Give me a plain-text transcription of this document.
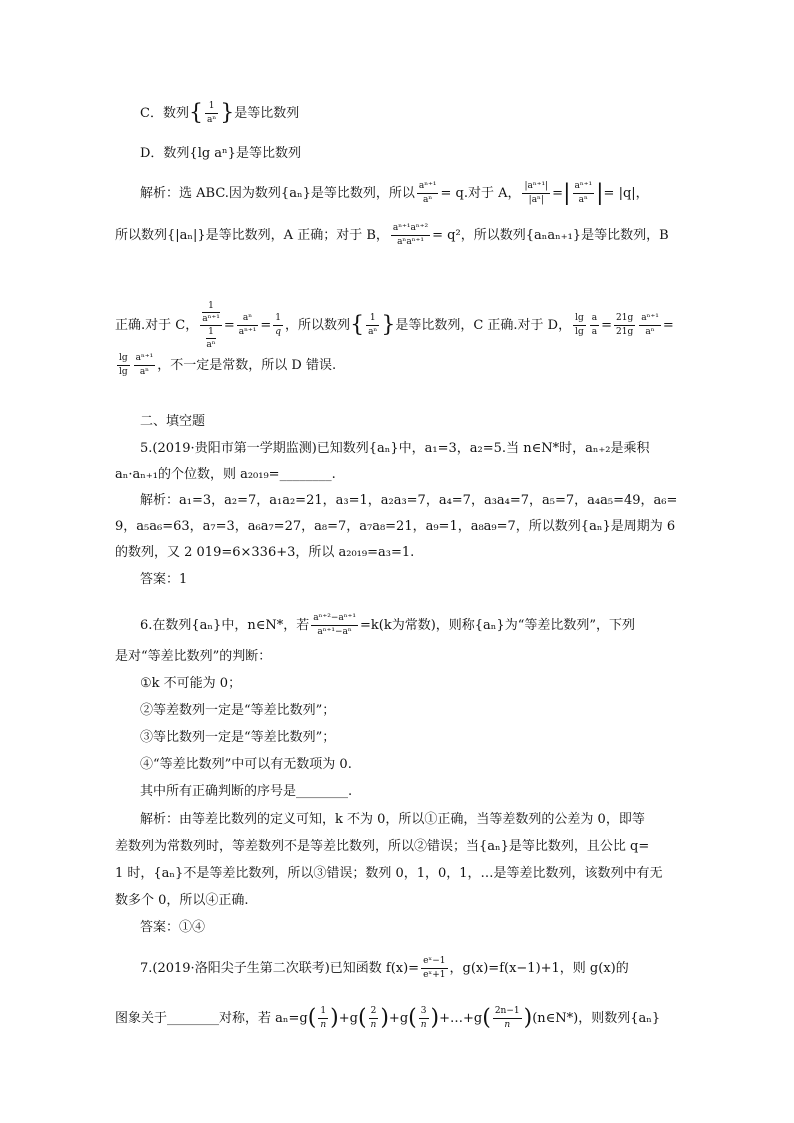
C．数列{ $\frac{1}{\text{aⁿ}}$ }是等比数列
D．数列{lg aⁿ}是等比数列
解析：选 ABC.因为数列{aₙ}是等比数列，所以 $\frac{\text{aⁿ⁺¹}}{\text{aⁿ}} = q$.对于 A， $\frac{\text{|aⁿ⁺¹|}}{\text{|aⁿ|}}$ =| $\frac{\text{aⁿ⁺¹}}{\text{aⁿ}}$ |= |q|，
所以数列{|aₙ|}是等比数列，A 正确；对于 B， $\frac{\text{aⁿ⁺¹aⁿ⁺²}}{\text{aⁿaⁿ⁺¹}} = q^2$，所以数列{aₙaₙ₊₁}是等比数列，B
正确.对于 C，
1
aⁿ⁺¹
1
aⁿ
= $\frac{\text{aⁿ}}{\text{aⁿ⁺¹}} = \frac{1}{q}$ ，所以数列{ $\frac{1}{\text{aⁿ}}$ }是等比数列，C 正确.对于 D， $\frac{\lg}{\lg} \frac{a}{a} = \frac{21g}{21g} \frac{\text{aⁿ⁺¹}}{\text{aⁿ}}$ =
$\frac{\lg}{\lg} \frac{\text{aⁿ⁺¹}}{\text{aⁿ}}$ ，不一定是常数，所以 D 错误.
二、填空题
5.(2019·贵阳市第一学期监测)已知数列{aₙ}中，a₁=3，a₂=5.当 n∈N*时，aₙ₊₂是乘积
aₙ·aₙ₊₁的个位数，则 a₂₀₁₉=________.
解析：a₁=3，a₂=7，a₁a₂=21，a₃=1，a₂a₃=7，a₄=7，a₃a₄=7，a₅=7，a₄a₅=49，a₆=
9，a₅a₆=63，a₇=3，a₆a₇=27，a₈=7，a₇a₈=21，a₉=1，a₈a₉=7，所以数列{aₙ}是周期为 6
的数列，又 2 019=6×336+3，所以 a₂₀₁₉=a₃=1.
答案：1
6.在数列{aₙ}中，n∈N*，若 $\frac{\text{aⁿ⁺²−aⁿ⁺¹}}{\text{aⁿ⁺¹−aⁿ}} =k(k$为常数)，则称{aₙ}为“等差比数列”，下列
是对“等差比数列”的判断：
①k 不可能为 0；
②等差数列一定是“等差比数列”；
③等比数列一定是“等差比数列”；
④“等差比数列”中可以有无数项为 0.
其中所有正确判断的序号是________.
解析：由等差比数列的定义可知，k 不为 0，所以①正确，当等差数列的公差为 0，即等
差数列为常数列时，等差数列不是等差比数列，所以②错误；当{aₙ}是等比数列，且公比 q=
1 时，{aₙ}不是等差比数列，所以③错误；数列 0，1，0，1，…是等差比数列，该数列中有无
数多个 0，所以④正确.
答案：①④
7.(2019·洛阳尖子生第二次联考)已知函数 $f(x)= \frac{\text{eˣ−1}}{\text{eˣ+1}}$ ，g(x)=f(x−1)+1，则 g(x)的
图象关于________对称，若 $a_n=g( \frac{1}{n} )+g( \frac{2}{n} )+g( \frac{3}{n}$ )+…+g( $\frac{2n-1}{n}$ )(n∈N*)，则数列{aₙ}
